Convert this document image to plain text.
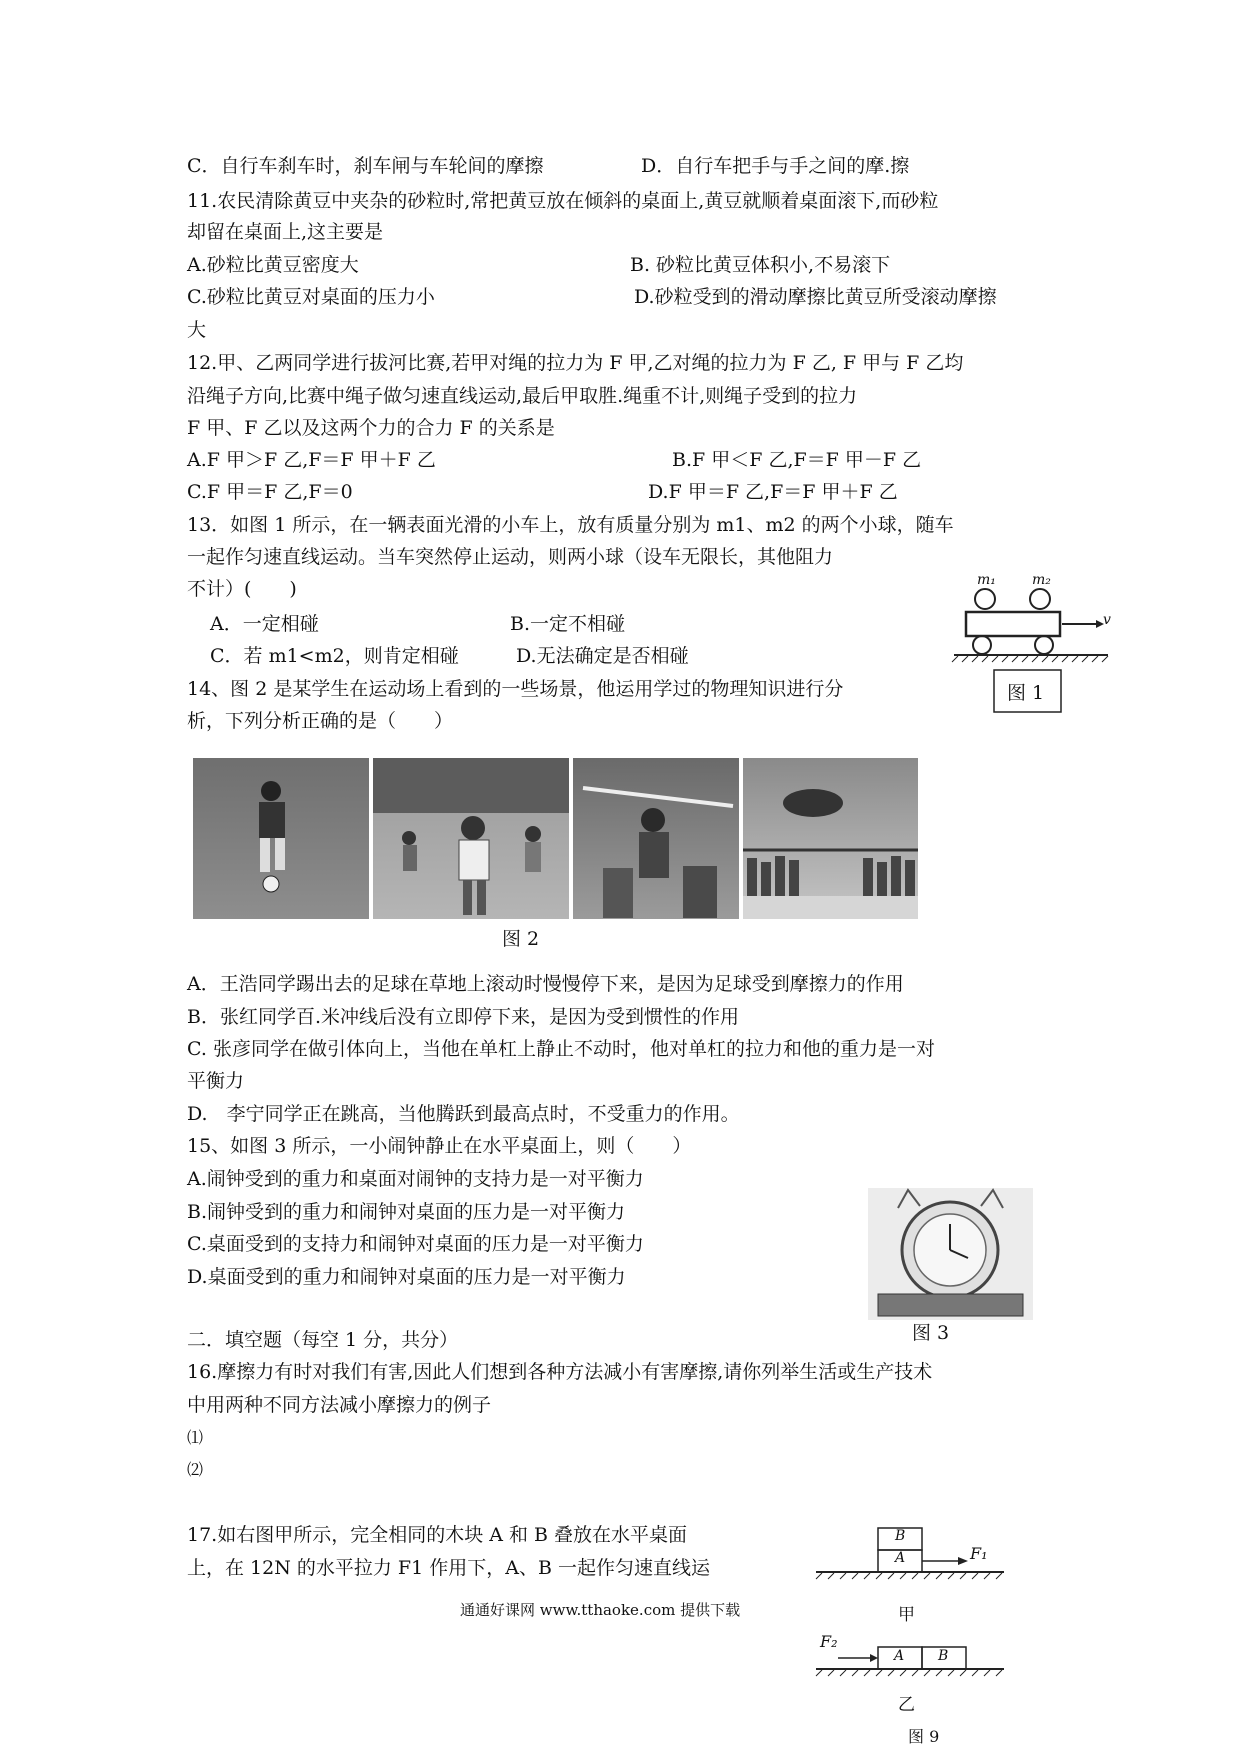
C．自行车刹车时，刹车闸与车轮间的摩擦	D．自行车把手与手之间的摩.擦
11.农民清除黄豆中夹杂的砂粒时,常把黄豆放在倾斜的桌面上,黄豆就顺着桌面滚下,而砂粒
却留在桌面上,这主要是
A.砂粒比黄豆密度大	B. 砂粒比黄豆体积小,不易滚下
C.砂粒比黄豆对桌面的压力小	D.砂粒受到的滑动摩擦比黄豆所受滚动摩擦
大
12.甲、乙两同学进行拔河比赛,若甲对绳的拉力为 F 甲,乙对绳的拉力为 F 乙, F 甲与 F 乙均
沿绳子方向,比赛中绳子做匀速直线运动,最后甲取胜.绳重不计,则绳子受到的拉力
F 甲、F 乙以及这两个力的合力 F 的关系是
A.F 甲＞F 乙,F＝F 甲＋F 乙	B.F 甲＜F 乙,F＝F 甲－F 乙
C.F 甲＝F 乙,F＝0	D.F 甲＝F 乙,F＝F 甲＋F 乙
13．如图 1 所示，在一辆表面光滑的小车上，放有质量分别为 m1、m2 的两个小球，随车
一起作匀速直线运动。当车突然停止运动，则两小球（设车无限长，其他阻力
不计）(　　)
A．一定相碰	B.一定不相碰
C．若 m1<m2，则肯定相碰	D.无法确定是否相碰
14、图 2 是某学生在运动场上看到的一些场景，他运用学过的物理知识进行分
析，下列分析正确的是（　　）
m₁	m₂
v
图 1
图 2
A．王浩同学踢出去的足球在草地上滚动时慢慢停下来，是因为足球受到摩擦力的作用
B．张红同学百.米冲线后没有立即停下来，是因为受到惯性的作用
C. 张彦同学在做引体向上，当他在单杠上静止不动时，他对单杠的拉力和他的重力是一对
平衡力
D.　李宁同学正在跳高，当他腾跃到最高点时，不受重力的作用。
15、如图 3 所示，一小闹钟静止在水平桌面上，则（　　）
A.闹钟受到的重力和桌面对闹钟的支持力是一对平衡力
B.闹钟受到的重力和闹钟对桌面的压力是一对平衡力
C.桌面受到的支持力和闹钟对桌面的压力是一对平衡力
D.桌面受到的重力和闹钟对桌面的压力是一对平衡力
图 3
二．填空题（每空 1 分，共分）
16.摩擦力有时对我们有害,因此人们想到各种方法减小有害摩擦,请你列举生活或生产技术
中用两种不同方法减小摩擦力的例子
⑴
⑵
17.如右图甲所示，完全相同的木块 A 和 B 叠放在水平桌面
上，在 12N 的水平拉力 F1 作用下，A、B 一起作匀速直线运
B
A	F₁
甲
F₂
A B
乙
图 9
通通好课网 www.tthaoke.com 提供下载
